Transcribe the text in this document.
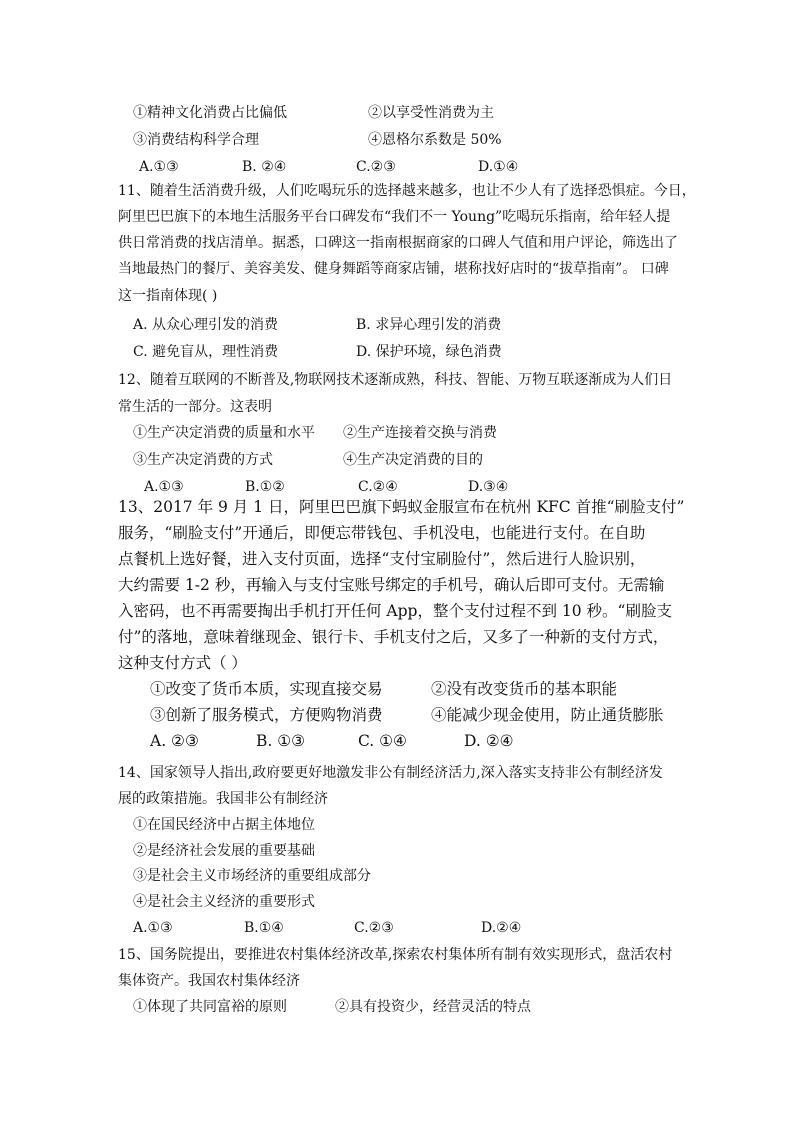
①精神文化消费占比偏低	②以享受性消费为主
③消费结构科学合理	④恩格尔系数是 50%
A.①③	B. ②④	C.②③	D.①④
11、随着生活消费升级，人们吃喝玩乐的选择越来越多，也让不少人有了选择恐惧症。今日，
阿里巴巴旗下的本地生活服务平台口碑发布“我们不一 Young”吃喝玩乐指南，给年轻人提
供日常消费的找店清单。据悉，口碑这一指南根据商家的口碑人气值和用户评论，筛选出了
当地最热门的餐厅、美容美发、健身舞蹈等商家店铺，堪称找好店时的“拔草指南”。 口碑
这一指南体现( )
A. 从众心理引发的消费	B. 求异心理引发的消费
C. 避免盲从，理性消费	D. 保护环境，绿色消费
12、随着互联网的不断普及,物联网技术逐渐成熟，科技、智能、万物互联逐渐成为人们日
常生活的一部分。这表明
①生产决定消费的质量和水平 ②生产连接着交换与消费
③生产决定消费的方式	④生产决定消费的目的
A.①③	B.①②	C.②④	D.③④
13、2017 年 9 月 1 日，阿里巴巴旗下蚂蚁金服宣布在杭州 KFC 首推“刷脸支付”
服务，“刷脸支付”开通后，即便忘带钱包、手机没电，也能进行支付。在自助
点餐机上选好餐，进入支付页面，选择“支付宝刷脸付”，然后进行人脸识别，
大约需要 1-2 秒，再输入与支付宝账号绑定的手机号，确认后即可支付。无需输
入密码，也不再需要掏出手机打开任何 App，整个支付过程不到 10 秒。“刷脸支
付”的落地，意味着继现金、银行卡、手机支付之后，又多了一种新的支付方式，
这种支付方式（ ）
①改变了货币本质，实现直接交易	②没有改变货币的基本职能
③创新了服务模式，方便购物消费	④能减少现金使用，防止通货膨胀
A. ②③	B. ①③	C. ①④	D. ②④
14、国家领导人指出,政府要更好地激发非公有制经济活力,深入落实支持非公有制经济发
展的政策措施。我国非公有制经济
①在国民经济中占据主体地位
②是经济社会发展的重要基础
③是社会主义市场经济的重要组成部分
④是社会主义经济的重要形式
A.①③	B.①④	C.②③	D.②④
15、国务院提出，要推进农村集体经济改革,探索农村集体所有制有效实现形式，盘活农村
集体资产。我国农村集体经济
①体现了共同富裕的原则	②具有投资少，经营灵活的特点
